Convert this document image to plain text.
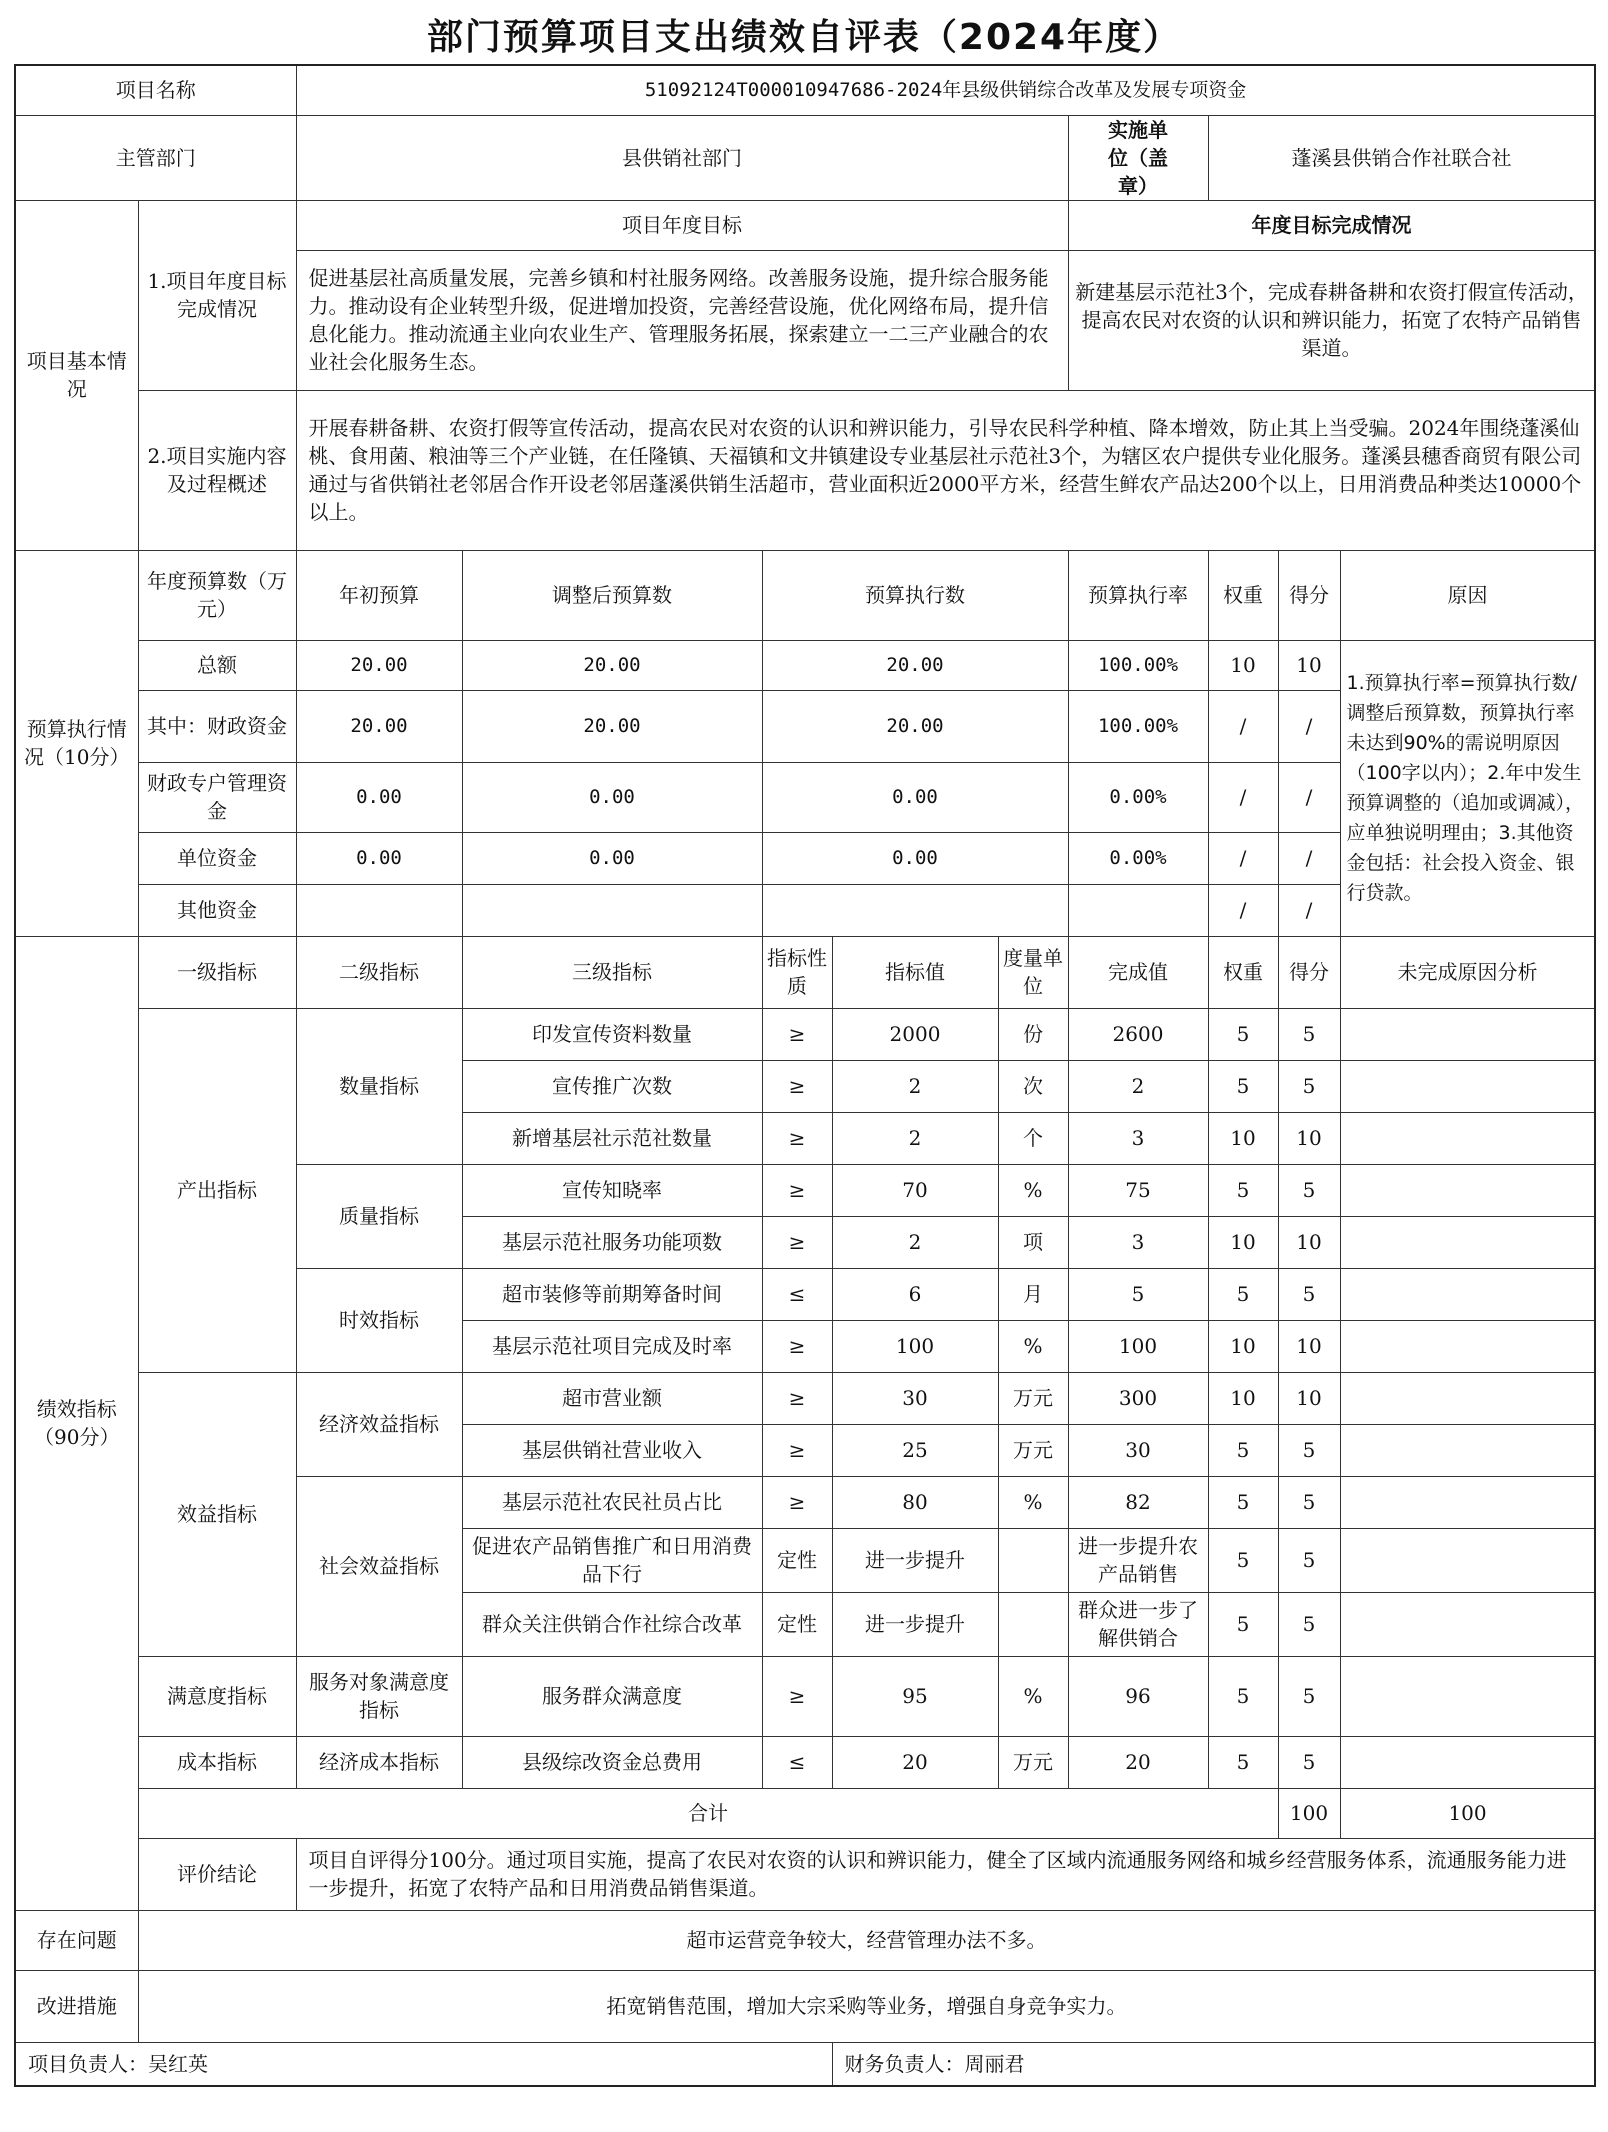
部门预算项目支出绩效自评表（2024年度）
项目名称		51092124T000010947686-2024年县级供销综合改革及发展专项资金									
主管部门		县供销社部门					实施单位（盖章）	蓬溪县供销合作社联合社			
项目基本情况	1.项目年度目标完成情况	项目年度目标					年度目标完成情况				
		促进基层社高质量发展，完善乡镇和村社服务网络。改善服务设施，提升综合服务能力。推动设有企业转型升级，促进增加投资，完善经营设施，优化网络布局，提升信息化能力。推动流通主业向农业生产、管理服务拓展，探索建立一二三产业融合的农业社会化服务生态。					新建基层示范社3个，完成春耕备耕和农资打假宣传活动，提高农民对农资的认识和辨识能力，拓宽了农特产品销售渠道。				
	2.项目实施内容及过程概述	开展春耕备耕、农资打假等宣传活动，提高农民对农资的认识和辨识能力，引导农民科学种植、降本增效，防止其上当受骗。2024年围绕蓬溪仙桃、食用菌、粮油等三个产业链，在任隆镇、天福镇和文井镇建设专业基层社示范社3个，为辖区农户提供专业化服务。蓬溪县穗香商贸有限公司通过与省供销社老邻居合作开设老邻居蓬溪供销生活超市，营业面积近2000平方米，经营生鲜农产品达200个以上，日用消费品种类达10000个以上。									

预算执行情况（10分）	年度预算数（万元）	年初预算	调整后预算数	预算执行数			预算执行率	权重	得分	原因	
	总额	20.00	20.00	20.00			100.00%	10	10	1.预算执行率=预算执行数/调整后预算数，预算执行率未达到90%的需说明原因（100字以内）；2.年中发生预算调整的（追加或调减），应单独说明理由；3.其他资金包括：社会投入资金、银行贷款。	
	其中：财政资金	20.00	20.00	20.00			100.00%	/	/		
	财政专户管理资金	0.00	0.00	0.00			0.00%	/	/		
	单位资金	0.00	0.00	0.00			0.00%	/	/		
	其他资金							/	/		
绩效指标（90分）	一级指标	二级指标	三级指标	指标性质	指标值	度量单位	完成值	权重	得分	未完成原因分析	
	产出指标	数量指标	印发宣传资料数量	≥	2000	份	2600	5	5		
			宣传推广次数	≥	2	次	2	5	5		
			新增基层社示范社数量	≥	2	个	3	10	10		
		质量指标	宣传知晓率	≥	70	%	75	5	5		
			基层示范社服务功能项数	≥	2	项	3	10	10		
		时效指标	超市装修等前期筹备时间	≤	6	月	5	5	5		
			基层示范社项目完成及时率	≥	100	%	100	10	10		
	效益指标	经济效益指标	超市营业额	≥	30	万元	300	10	10		
			基层供销社营业收入	≥	25	万元	30	5	5		
		社会效益指标	基层示范社农民社员占比	≥	80	%	82	5	5		
			促进农产品销售推广和日用消费品下行	定性	进一步提升		进一步提升农产品销售	5	5		
			群众关注供销合作社综合改革	定性	进一步提升		群众进一步了解供销合	5	5		
	满意度指标	服务对象满意度指标	服务群众满意度	≥	95	%	96	5	5		
	成本指标	经济成本指标	县级综改资金总费用	≤	20	万元	20	5	5		
	合计								100	100	
	评价结论	项目自评得分100分。通过项目实施，提高了农民对农资的认识和辨识能力，健全了区域内流通服务网络和城乡经营服务体系，流通服务能力进一步提升，拓宽了农特产品和日用消费品销售渠道。									
存在问题	超市运营竞争较大，经营管理办法不多。										
改进措施	拓宽销售范围，增加大宗采购等业务，增强自身竞争实力。										
项目负责人：吴红英					财务负责人：周丽君						
